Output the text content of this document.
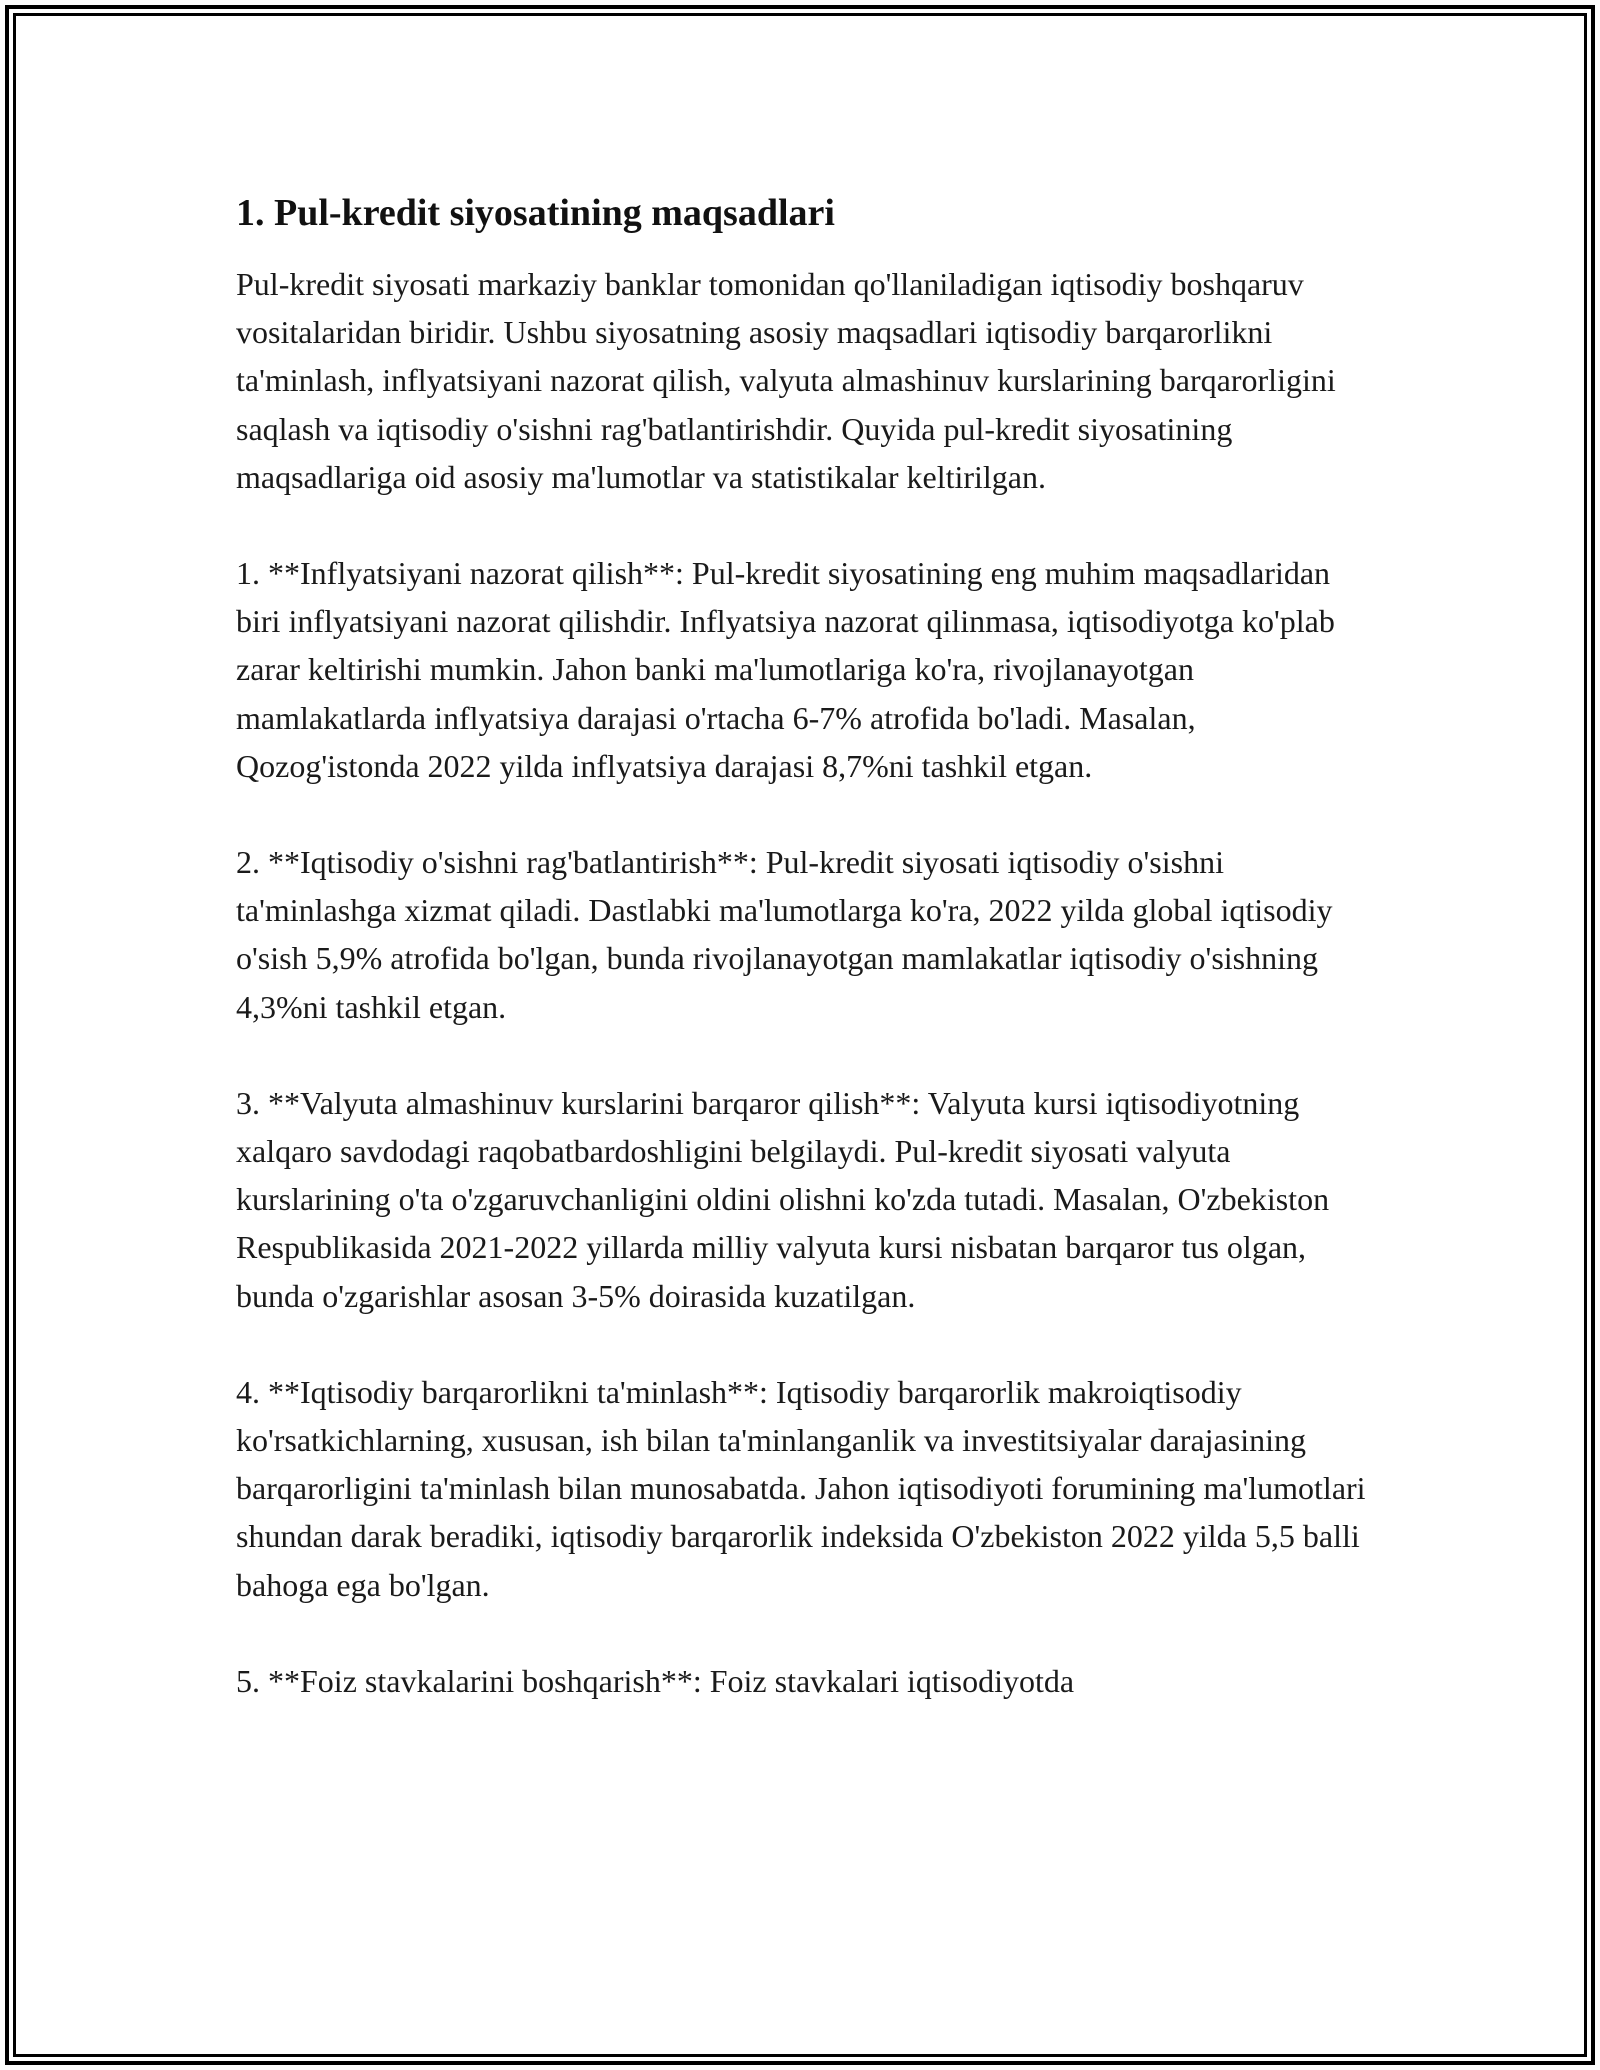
1. Pul-kredit siyosatining maqsadlari

Pul-kredit siyosati markaziy banklar tomonidan qo'llaniladigan iqtisodiy boshqaruv vositalaridan biridir. Ushbu siyosatning asosiy maqsadlari iqtisodiy barqarorlikni ta'minlash, inflyatsiyani nazorat qilish, valyuta almashinuv kurslarining barqarorligini saqlash va iqtisodiy o'sishni rag'batlantirishdir. Quyida pul-kredit siyosatining maqsadlariga oid asosiy ma'lumotlar va statistikalar keltirilgan.

1. **Inflyatsiyani nazorat qilish**: Pul-kredit siyosatining eng muhim maqsadlaridan biri inflyatsiyani nazorat qilishdir. Inflyatsiya nazorat qilinmasa, iqtisodiyotga ko'plab zarar keltirishi mumkin. Jahon banki ma'lumotlariga ko'ra, rivojlanayotgan mamlakatlarda inflyatsiya darajasi o'rtacha 6-7% atrofida bo'ladi. Masalan, Qozog'istonda 2022 yilda inflyatsiya darajasi 8,7%ni tashkil etgan.

2. **Iqtisodiy o'sishni rag'batlantirish**: Pul-kredit siyosati iqtisodiy o'sishni ta'minlashga xizmat qiladi. Dastlabki ma'lumotlarga ko'ra, 2022 yilda global iqtisodiy o'sish 5,9% atrofida bo'lgan, bunda rivojlanayotgan mamlakatlar iqtisodiy o'sishning 4,3%ni tashkil etgan.

3. **Valyuta almashinuv kurslarini barqaror qilish**: Valyuta kursi iqtisodiyotning xalqaro savdodagi raqobatbardoshligini belgilaydi. Pul-kredit siyosati valyuta kurslarining o'ta o'zgaruvchanligini oldini olishni ko'zda tutadi. Masalan, O'zbekiston Respublikasida 2021-2022 yillarda milliy valyuta kursi nisbatan barqaror tus olgan, bunda o'zgarishlar asosan 3-5% doirasida kuzatilgan.

4. **Iqtisodiy barqarorlikni ta'minlash**: Iqtisodiy barqarorlik makroiqtisodiy ko'rsatkichlarning, xususan, ish bilan ta'minlanganlik va investitsiyalar darajasining barqarorligini ta'minlash bilan munosabatda. Jahon iqtisodiyoti forumining ma'lumotlari shundan darak beradiki, iqtisodiy barqarorlik indeksida O'zbekiston 2022 yilda 5,5 balli bahoga ega bo'lgan.

5. **Foiz stavkalarini boshqarish**: Foiz stavkalari iqtisodiyotda
